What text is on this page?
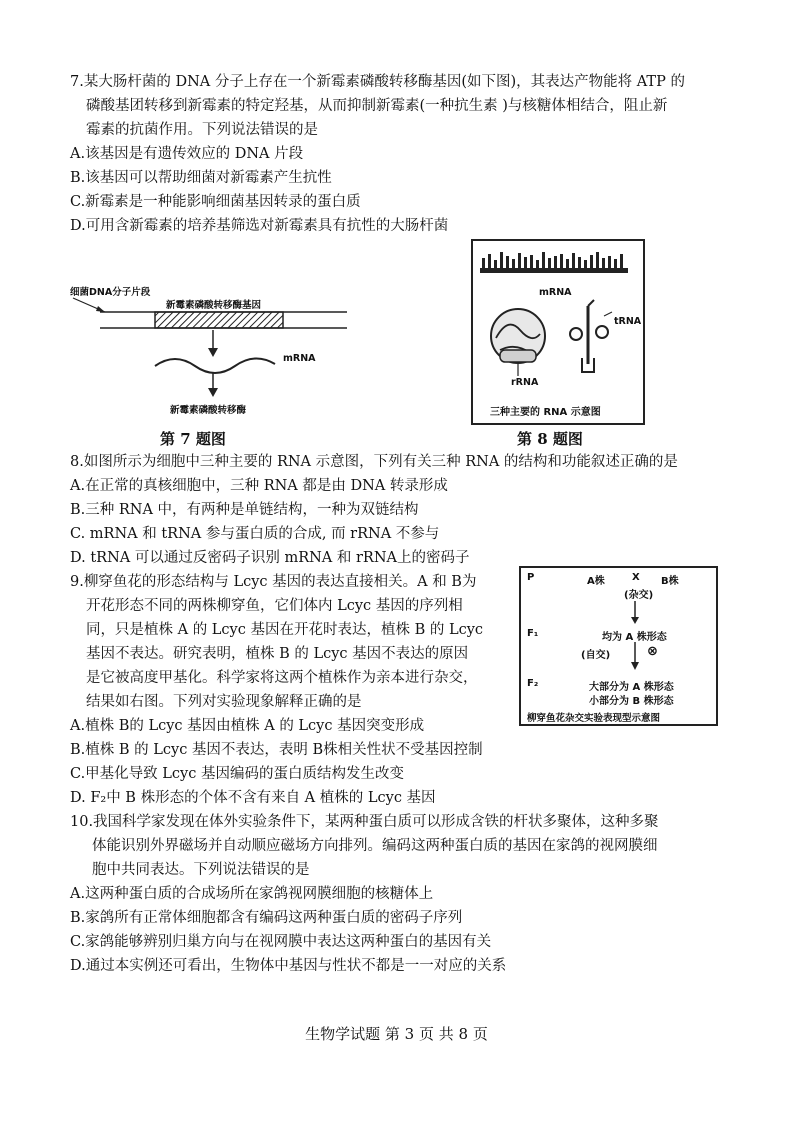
7.某大肠杆菌的 DNA 分子上存在一个新霉素磷酸转移酶基因(如下图)，其表达产物能将 ATP 的
磷酸基团转移到新霉素的特定羟基，从而抑制新霉素(一种抗生素 )与核糖体相结合，阻止新
霉素的抗菌作用。下列说法错误的是
A.该基因是有遗传效应的 DNA 片段
B.该基因可以帮助细菌对新霉素产生抗性
C.新霉素是一种能影响细菌基因转录的蛋白质
D.可用含新霉素的培养基筛选对新霉素具有抗性的大肠杆菌
细菌DNA分子片段
新霉素磷酸转移酶基因
mRNA
新霉素磷酸转移酶
第 7 题图
mRNA
tRNA
rRNA
三种主要的 RNA 示意图
第 8 题图
8.如图所示为细胞中三种主要的 RNA 示意图，下列有关三种 RNA 的结构和功能叙述正确的是
A.在正常的真核细胞中，三种 RNA 都是由 DNA 转录形成
B.三种 RNA 中，有两种是单链结构，一种为双链结构
C. mRNA 和 tRNA 参与蛋白质的合成, 而 rRNA 不参与
D. tRNA 可以通过反密码子识别 mRNA 和 rRNA上的密码子
9.柳穿鱼花的形态结构与 Lcyc 基因的表达直接相关。A 和 B为
开花形态不同的两株柳穿鱼，它们体内 Lcyc 基因的序列相
同，只是植株 A 的 Lcyc 基因在开花时表达，植株 B 的 Lcyc
基因不表达。研究表明，植株 B 的 Lcyc 基因不表达的原因
是它被高度甲基化。科学家将这两个植株作为亲本进行杂交，
结果如右图。下列对实验现象解释正确的是
A.植株 B的 Lcyc 基因由植株 A 的 Lcyc 基因突变形成
B.植株 B 的 Lcyc 基因不表达，表明 B株相关性状不受基因控制
C.甲基化导致 Lcyc 基因编码的蛋白质结构发生改变
D. F₂中 B 株形态的个体不含有来自 A 植株的 Lcyc 基因
P	A株	X B株
(杂交)
F₁	均为 A 株形态
(自交)	⊗
F₂	大部分为 A 株形态
小部分为 B 株形态
柳穿鱼花杂交实验表现型示意图
10.我国科学家发现在体外实验条件下，某两种蛋白质可以形成含铁的杆状多聚体，这种多聚
体能识别外界磁场并自动顺应磁场方向排列。编码这两种蛋白质的基因在家鸽的视网膜细
胞中共同表达。下列说法错误的是
A.这两种蛋白质的合成场所在家鸽视网膜细胞的核糖体上
B.家鸽所有正常体细胞都含有编码这两种蛋白质的密码子序列
C.家鸽能够辨别归巢方向与在视网膜中表达这两种蛋白的基因有关
D.通过本实例还可看出，生物体中基因与性状不都是一一对应的关系
生物学试题 第 3 页 共 8 页
